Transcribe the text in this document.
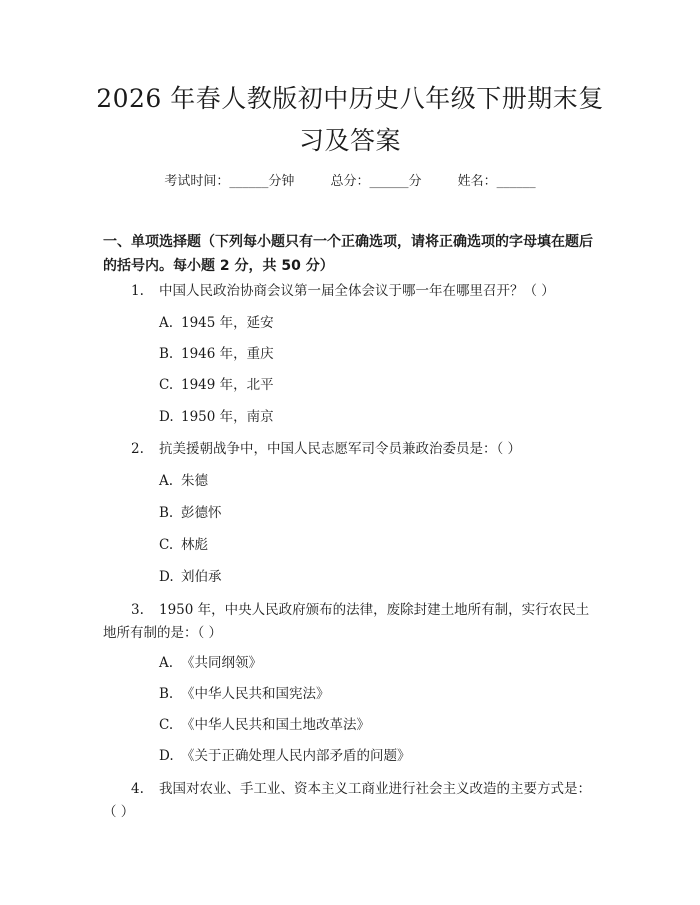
2026 年春人教版初中历史八年级下册期末复
习及答案
考试时间：______分钟	总分：______分	姓名：______
一、单项选择题（下列每小题只有一个正确选项，请将正确选项的字母填在题后
的括号内。每小题 2 分，共 50 分）
1. 中国人民政治协商会议第一届全体会议于哪一年在哪里召开？（ ）
A. 1945 年，延安
B. 1946 年，重庆
C. 1949 年，北平
D. 1950 年，南京
2. 抗美援朝战争中，中国人民志愿军司令员兼政治委员是：（ ）
A. 朱德
B. 彭德怀
C. 林彪
D. 刘伯承
3. 1950 年，中央人民政府颁布的法律，废除封建土地所有制，实行农民土
地所有制的是：（ ）
A. 《共同纲领》
B. 《中华人民共和国宪法》
C. 《中华人民共和国土地改革法》
D. 《关于正确处理人民内部矛盾的问题》
4. 我国对农业、手工业、资本主义工商业进行社会主义改造的主要方式是：
（ ）
